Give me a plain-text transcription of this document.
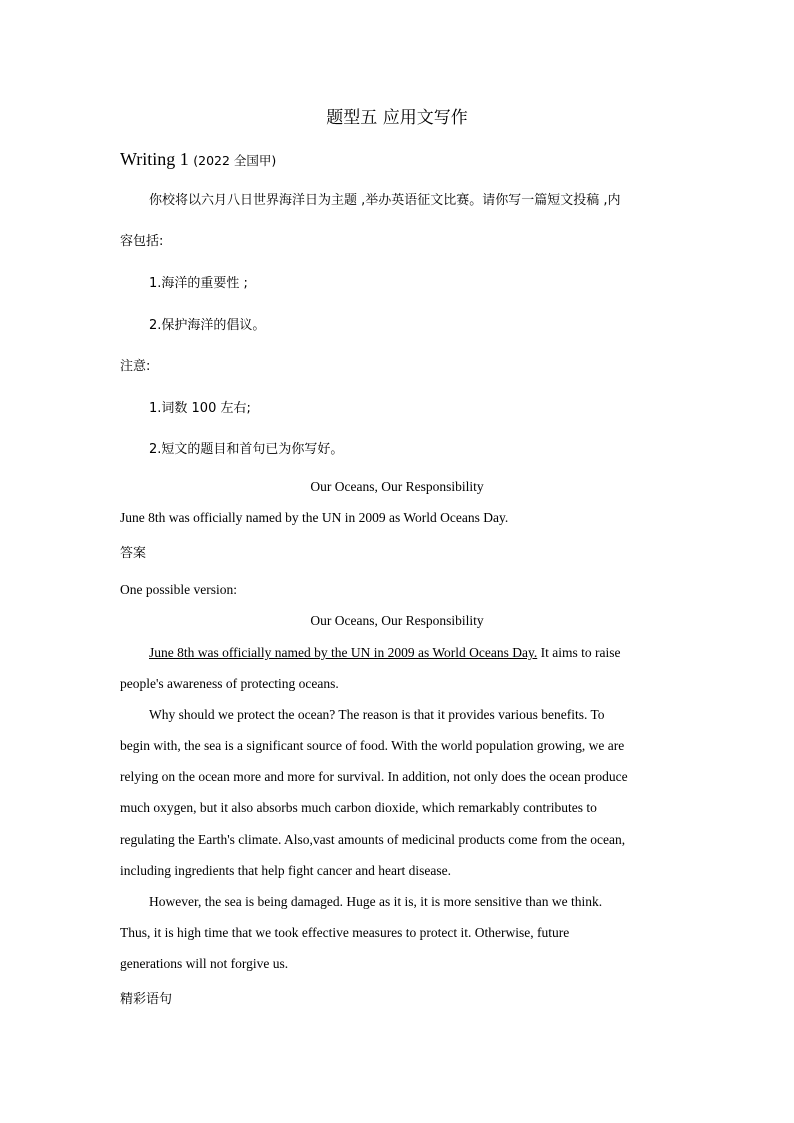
题型五 应用文写作
Writing 1 (2022 全国甲)
你校将以六月八日世界海洋日为主题 ,举办英语征文比赛。请你写一篇短文投稿 ,内
容包括:
1.海洋的重要性 ;
2.保护海洋的倡议。
注意:
1.词数 100 左右;
2.短文的题目和首句已为你写好。
Our Oceans, Our Responsibility
June 8th was officially named by the UN in 2009 as World Oceans Day.
答案
One possible version:
Our Oceans, Our Responsibility
June 8th was officially named by the UN in 2009 as World Oceans Day. It aims to raise
people's awareness of protecting oceans.
Why should we protect the ocean? The reason is that it provides various benefits. To
begin with, the sea is a significant source of food. With the world population growing, we are
relying on the ocean more and more for survival. In addition, not only does the ocean produce
much oxygen, but it also absorbs much carbon dioxide, which remarkably contributes to
regulating the Earth's climate. Also,vast amounts of medicinal products come from the ocean,
including ingredients that help fight cancer and heart disease.
However, the sea is being damaged. Huge as it is, it is more sensitive than we think.
Thus, it is high time that we took effective measures to protect it. Otherwise, future
generations will not forgive us.
精彩语句
